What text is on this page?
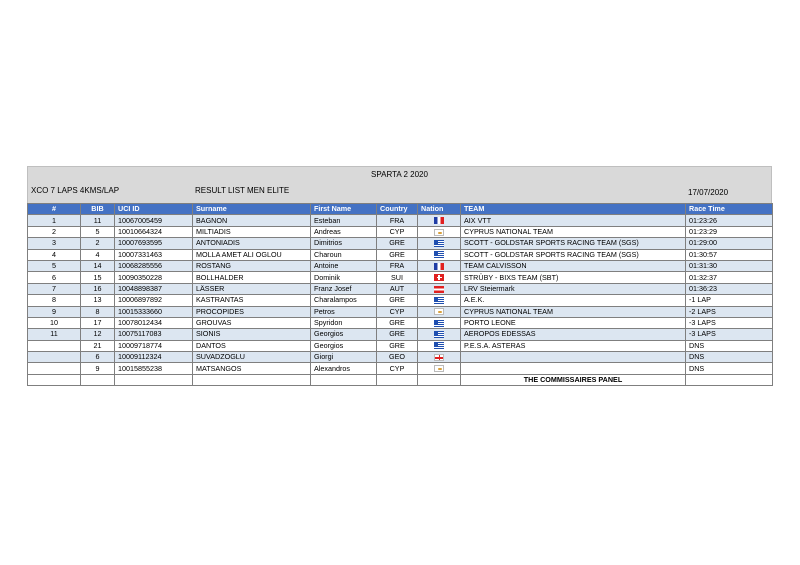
SPARTA 2 2020
XCO 7 LAPS 4KMS/LAP	RESULT LIST MEN ELITE	17/07/2020
#	BIB	UCI ID	Surname	First Name	Country	Nation	TEAM	Race Time
1	11	10067005459	BAGNON	Esteban	FRA		AIX VTT	01:23:26
2	5	10010664324	MILTIADIS	Andreas	CYP		CYPRUS NATIONAL TEAM	01:23:29
3	2	10007693595	ANTONIADIS	Dimitrios	GRE		SCOTT - GOLDSTAR SPORTS RACING TEAM (SGS)	01:29:00
4	4	10007331463	MOLLA AMET ALI OGLOU	Charoun	GRE		SCOTT - GOLDSTAR SPORTS RACING TEAM (SGS)	01:30:57
5	14	10068285556	ROSTANG	Antoine	FRA		TEAM CALVISSON	01:31:30
6	15	10090350228	BOLLHALDER	Dominik	SUI		STRÜBY - BIXS TEAM (SBT)	01:32:37
7	16	10048898387	LÄSSER	Franz Josef	AUT		LRV Steiermark	01:36:23
8	13	10006897892	KASTRANTAS	Charalampos	GRE		A.E.K.	-1 LAP
9	8	10015333660	PROCOPIDES	Petros	CYP		CYPRUS NATIONAL TEAM	-2 LAPS
10	17	10078012434	GROUVAS	Spyridon	GRE		PORTO LEONE	-3 LAPS
11	12	10075117083	SIONIS	Georgios	GRE		AEROPOS EDESSAS	-3 LAPS
	21	10009718774	DANTOS	Georgios	GRE		P.E.S.A. ASTERAS	DNS
	6	10009112324	SUVADZOGLU	Giorgi	GEO			DNS
	9	10015855238	MATSANGOS	Alexandros	CYP			DNS
							THE COMMISSAIRES PANEL	
